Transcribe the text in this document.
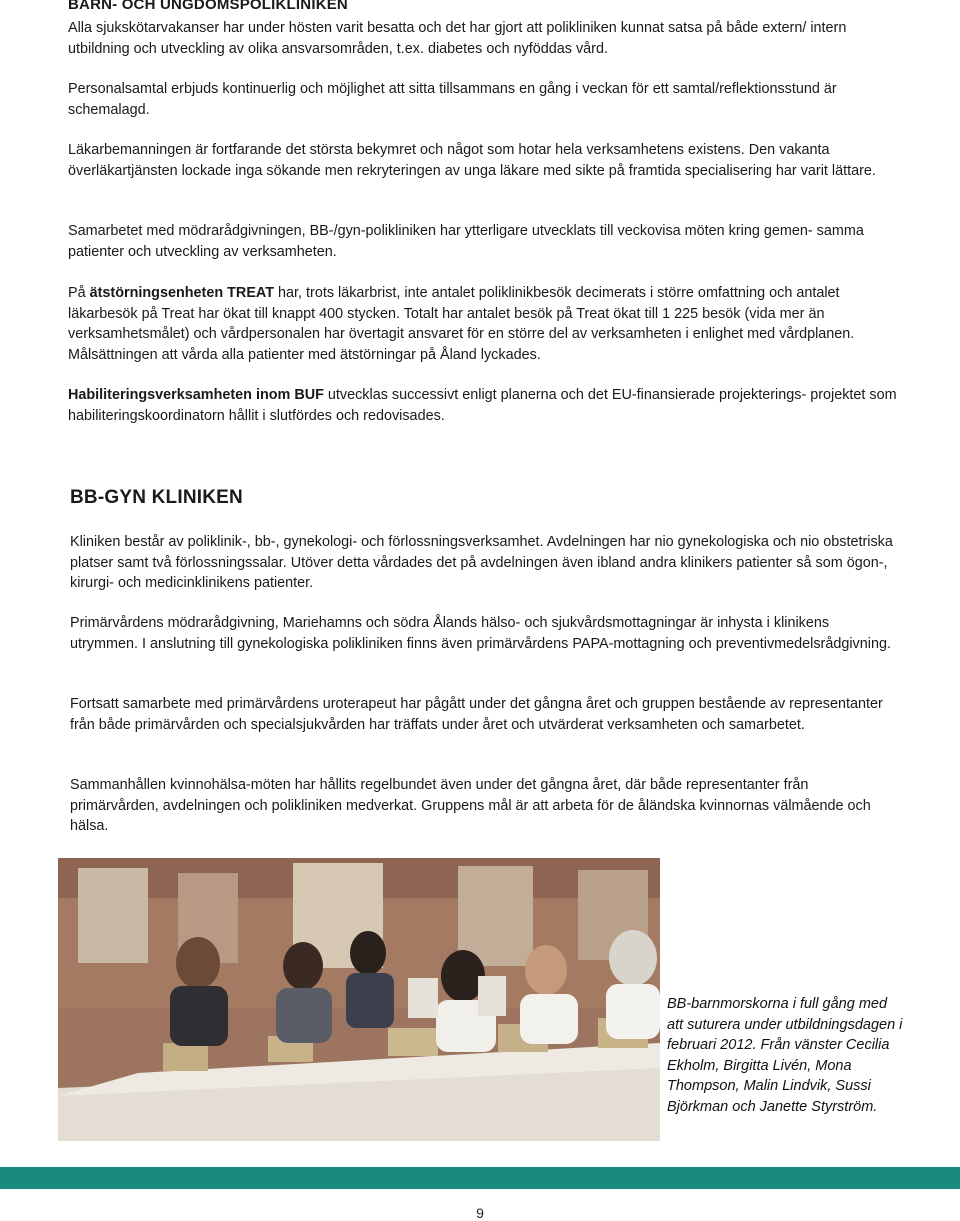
BARN- OCH UNGDOMSPOLIKLINIKEN

Alla sjukskötarvakanser har under hösten varit besatta och det har gjort att polikliniken kunnat satsa på både extern/ intern utbildning och utveckling av olika ansvarsområden, t.ex. diabetes och nyföddas vård.

Personalsamtal erbjuds kontinuerlig och möjlighet att sitta tillsammans en gång i veckan för ett samtal/reflektionsstund är schemalagd.

Läkarbemanningen är fortfarande det största bekymret och något som hotar hela verksamhetens existens. Den vakanta överläkartjänsten lockade inga sökande men rekryteringen av unga läkare med sikte på framtida specialisering har varit lättare.

Samarbetet med mödrarådgivningen, BB-/gyn-polikliniken har ytterligare utvecklats till veckovisa möten kring gemen- samma patienter och utveckling av verksamheten.

På ätstörningsenheten TREAT har, trots läkarbrist, inte antalet poliklinikbesök decimerats i större omfattning och antalet läkarbesök på Treat har ökat till knappt 400 stycken. Totalt har antalet besök på Treat ökat till 1 225 besök (vida mer än verksamhetsmålet) och vårdpersonalen har övertagit ansvaret för en större del av verksamheten i enlighet med vårdplanen. Målsättningen att vårda alla patienter med ätstörningar på Åland lyckades.

Habiliteringsverksamheten inom BUF utvecklas successivt enligt planerna och det EU-finansierade projekterings- projektet som habiliteringskoordinatorn hållit i slutfördes och redovisades.

BB-GYN KLINIKEN

Kliniken består av poliklinik-, bb-, gynekologi- och förlossningsverksamhet. Avdelningen har nio gynekologiska och nio obstetriska platser samt två förlossningssalar. Utöver detta vårdades det på avdelningen även ibland andra klinikers patienter så som ögon-, kirurgi- och medicinklinikens patienter.

Primärvårdens mödrarådgivning, Mariehamns och södra Ålands hälso- och sjukvårdsmottagningar är inhysta i klinikens utrymmen. I anslutning till gynekologiska polikliniken finns även primärvårdens PAPA-mottagning och preventivmedelsrådgivning.

Fortsatt samarbete med primärvårdens uroterapeut har pågått under det gångna året och gruppen bestående av representanter från både primärvården och specialsjukvården har träffats under året och utvärderat verksamheten och samarbetet.

Sammanhållen kvinnohälsa-möten har hållits regelbundet även under det gångna året, där både representanter från primärvården, avdelningen och polikliniken medverkat. Gruppens mål är att arbeta för de åländska kvinnornas välmående och hälsa.

BB-barnmorskorna i full gång med att suturera under utbildningsdagen i februari 2012. Från vänster Cecilia Ekholm, Birgitta Livén, Mona Thompson, Malin Lindvik, Sussi Björkman och Janette Styrström.

9
